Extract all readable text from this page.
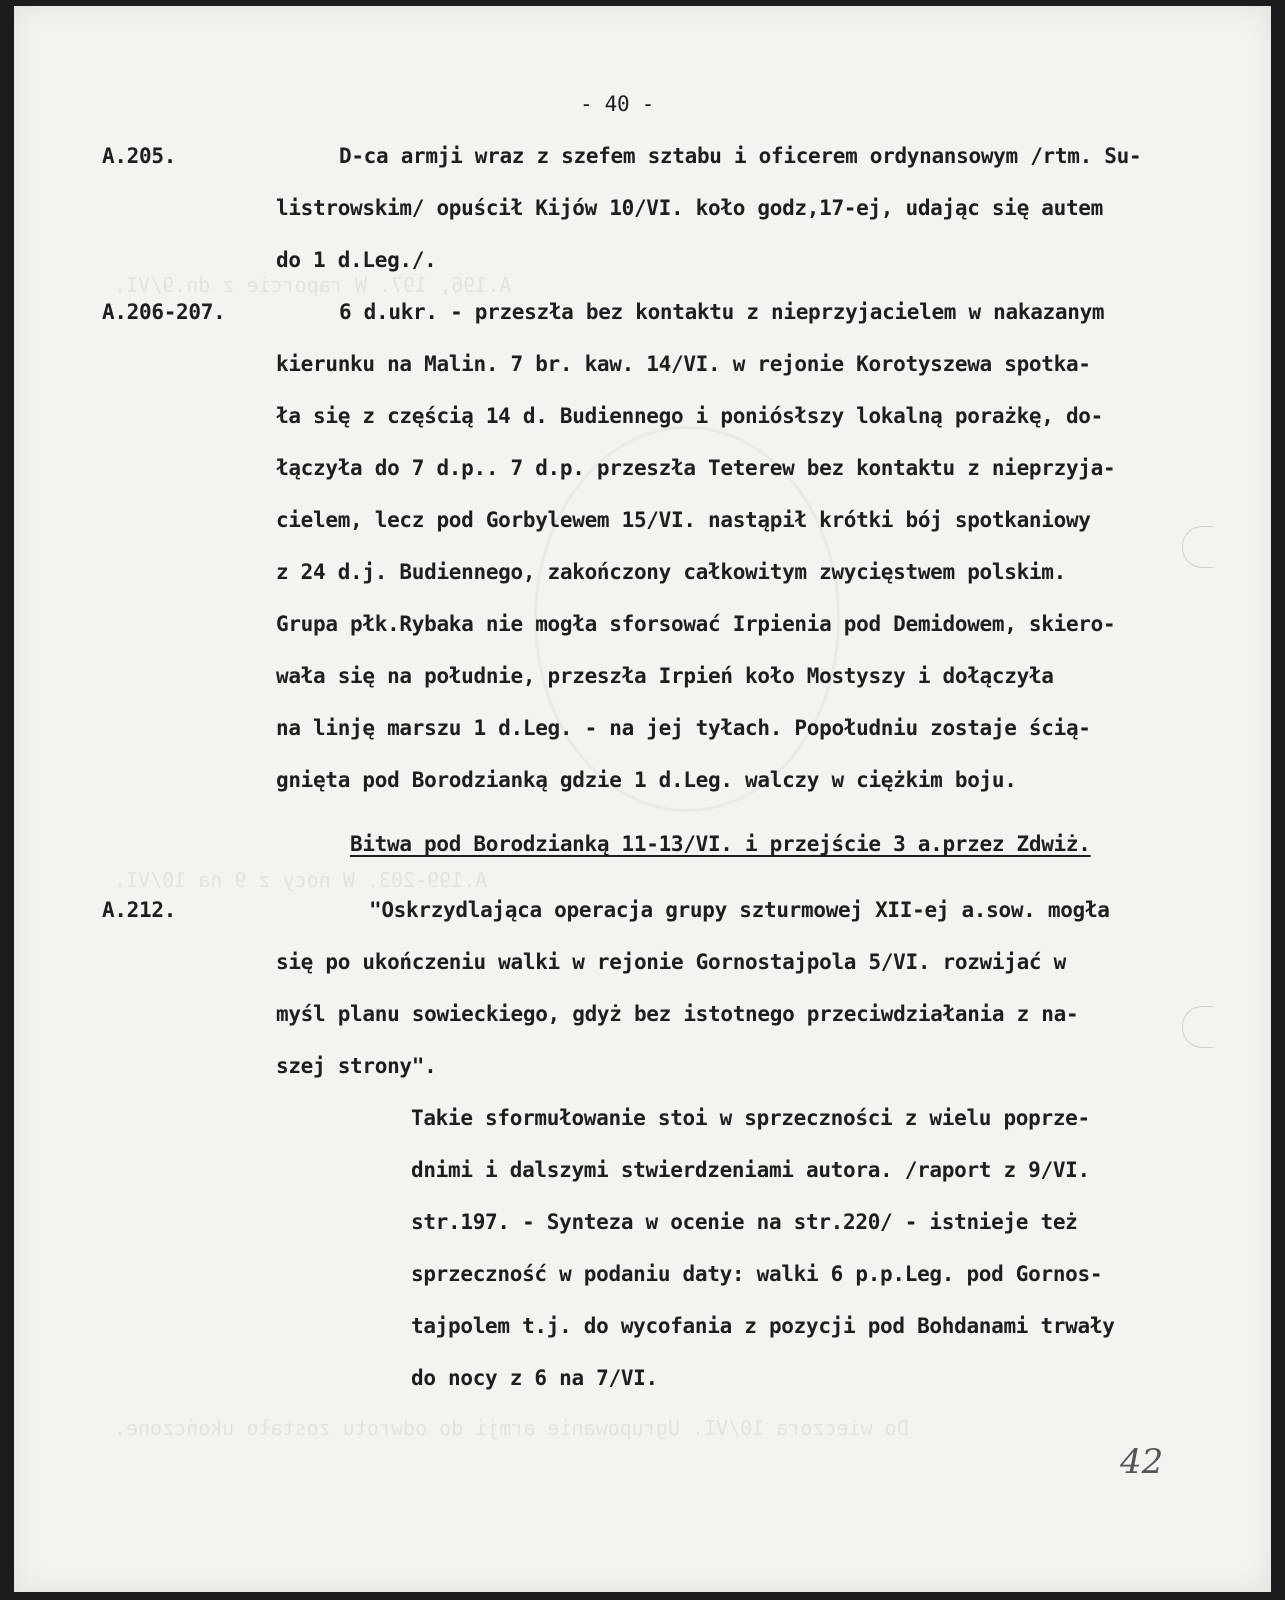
A.196, 197. W raporcie z dn.9/VI.
A.199-203. W nocy z 9 na 10/VI.
- 40 -
A.205.	D-ca armji wraz z szefem sztabu i oficerem ordynansowym /rtm. Su-
listrowskim/ opuścił Kijów 10/VI. koło godz,17-ej, udając się autem
do 1 d.Leg./.
A.206-207.	6 d.ukr. - przeszła bez kontaktu z nieprzyjacielem w nakazanym
kierunku na Malin. 7 br. kaw. 14/VI. w rejonie Korotyszewa spotka-
ła się z częścią 14 d. Budiennego i poniósłszy lokalną porażkę, do-
łączyła do 7 d.p.. 7 d.p. przeszła Teterew bez kontaktu z nieprzyja-
cielem, lecz pod Gorbylewem 15/VI. nastąpił krótki bój spotkaniowy
z 24 d.j. Budiennego, zakończony całkowitym zwycięstwem polskim.
Grupa płk.Rybaka nie mogła sforsować Irpienia pod Demidowem, skiero-
wała się na południe, przeszła Irpień koło Mostyszy i dołączyła
na linję marszu 1 d.Leg. - na jej tyłach. Popołudniu zostaje ścią-
gnięta pod Borodzianką gdzie 1 d.Leg. walczy w ciężkim boju.
Bitwa pod Borodzianką 11-13/VI. i przejście 3 a.przez Zdwiż.
A.212.	"Oskrzydlająca operacja grupy szturmowej XII-ej a.sow. mogła
się po ukończeniu walki w rejonie Gornostajpola 5/VI. rozwijać w
myśl planu sowieckiego, gdyż bez istotnego przeciwdziałania z na-
szej strony".
Takie sformułowanie stoi w sprzeczności z wielu poprze-
dnimi i dalszymi stwierdzeniami autora. /raport z 9/VI.
str.197. - Synteza w ocenie na str.220/ - istnieje też
sprzeczność w podaniu daty: walki 6 p.p.Leg. pod Gornos-
tajpolem t.j. do wycofania z pozycji pod Bohdanami trwały
do nocy z 6 na 7/VI.
Do wieczora 10/VI. Ugrupowanie armji do odwrotu zostało ukończone.
42
